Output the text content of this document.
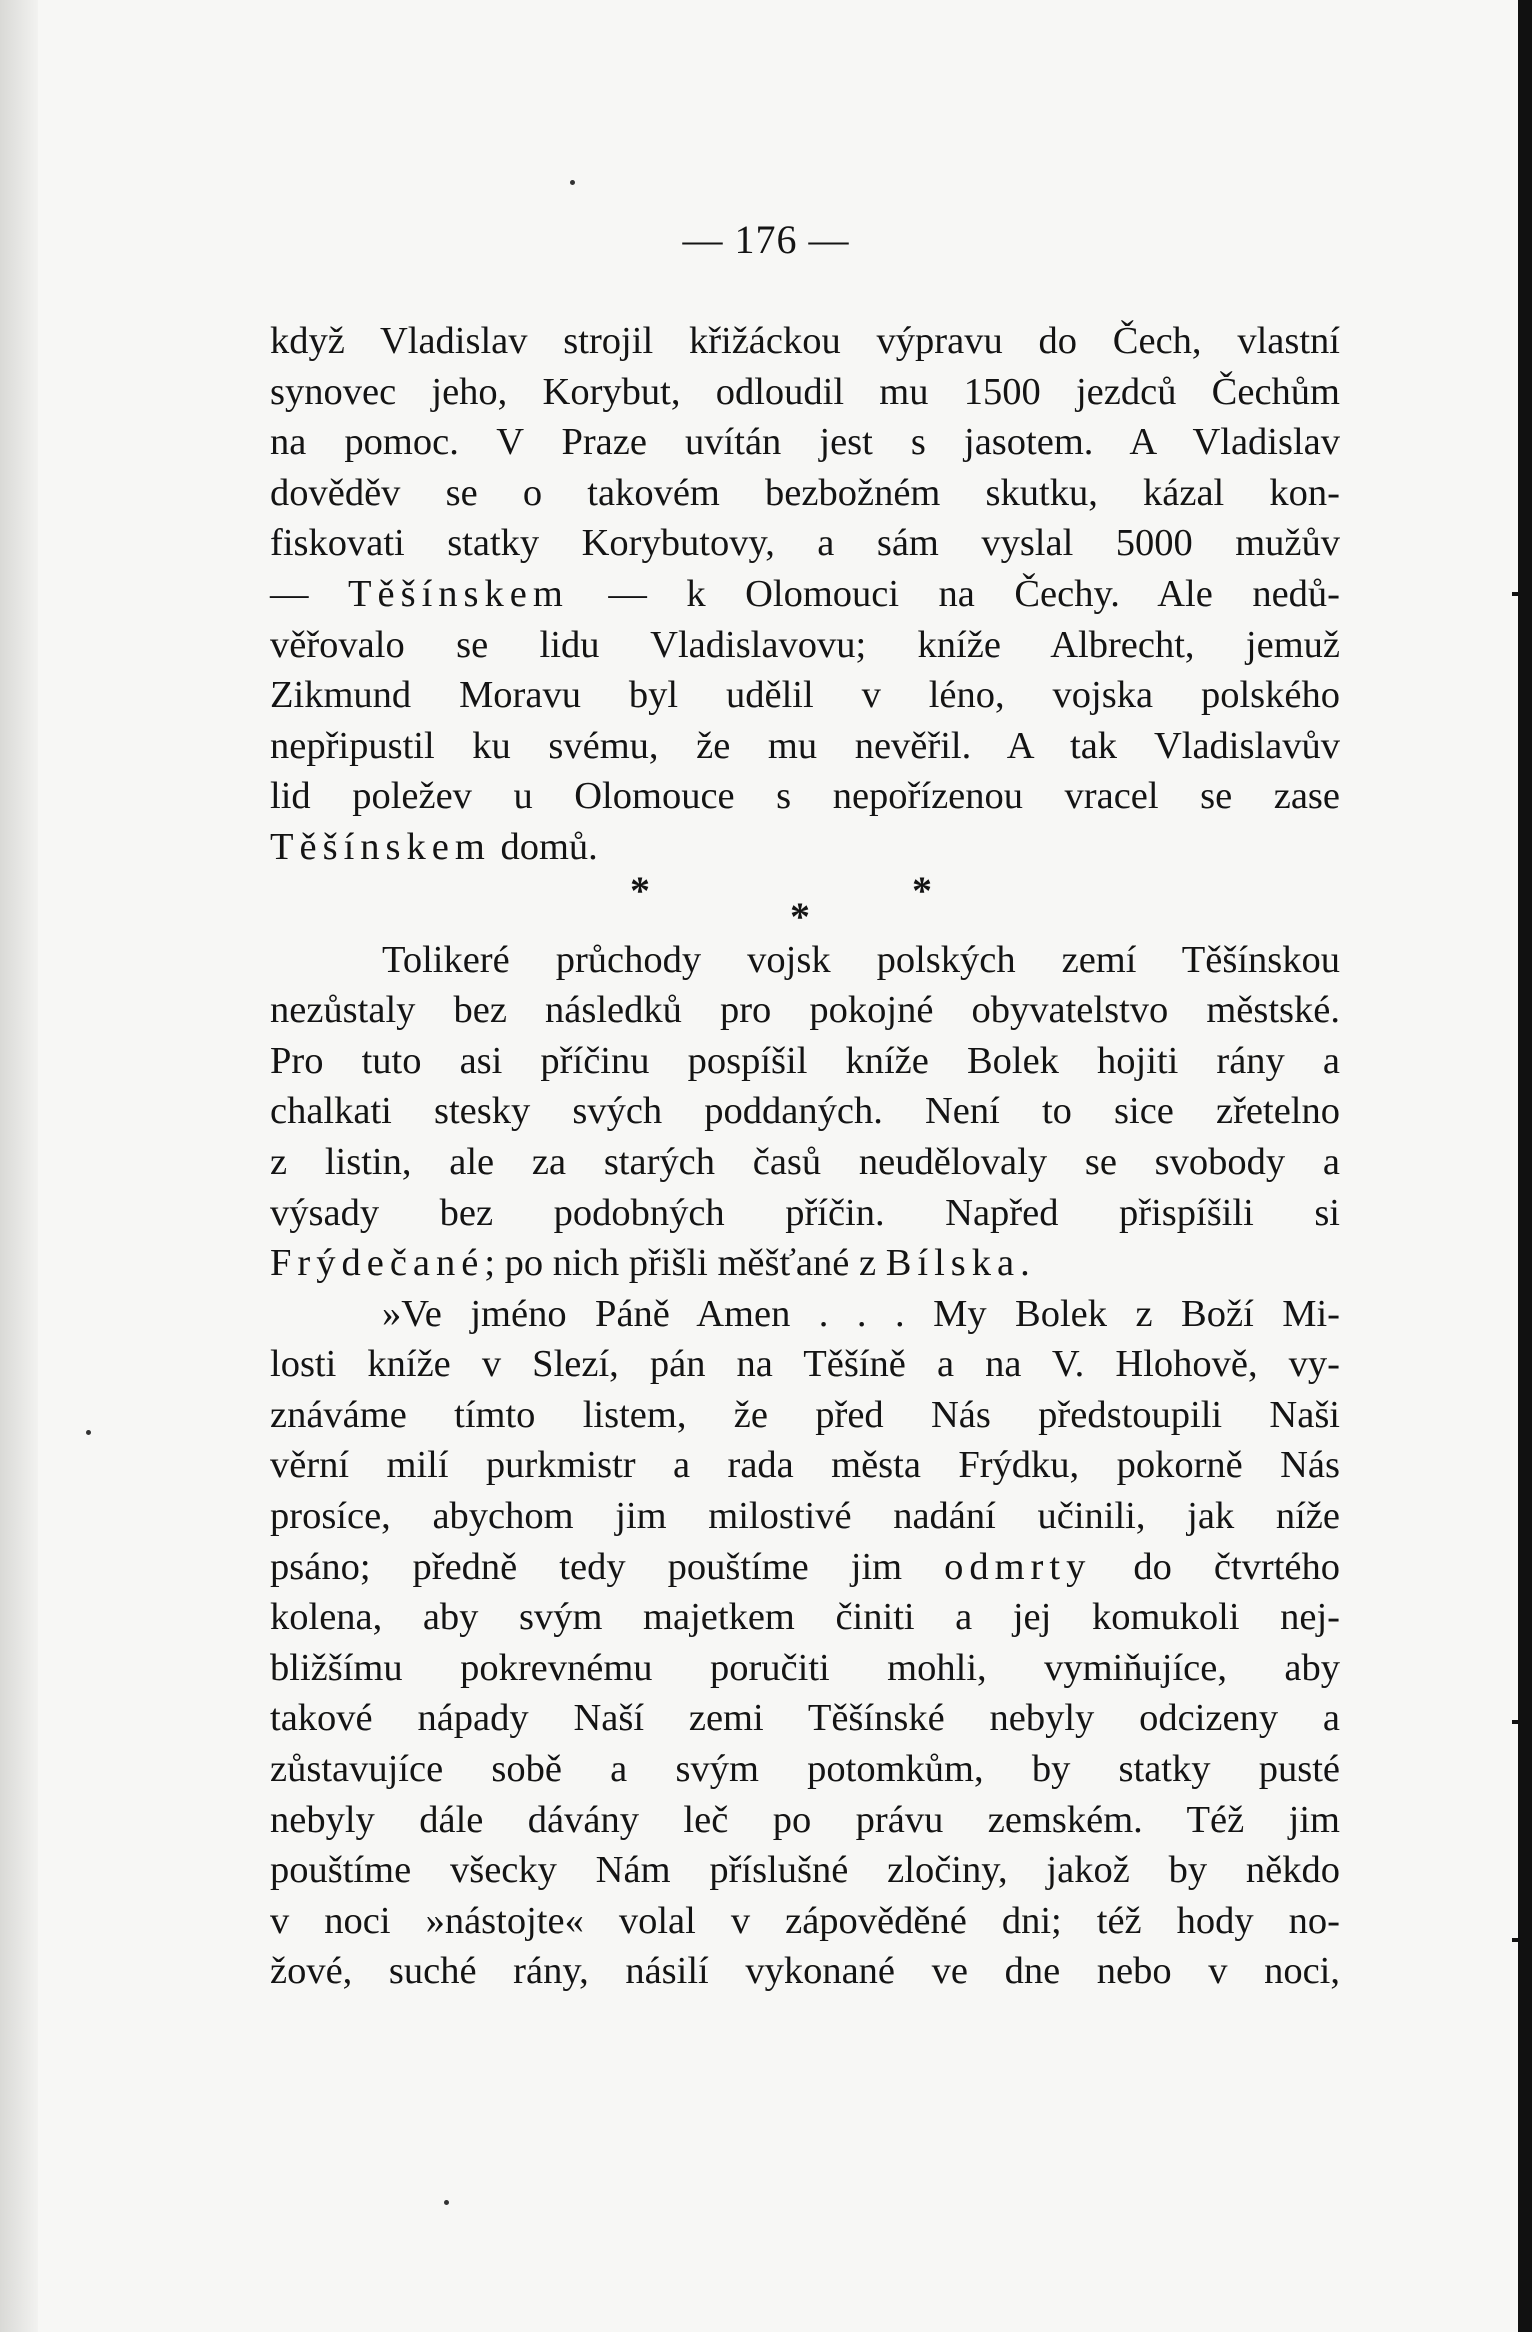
— 176 —
když Vladislav strojil křižáckou výpravu do Čech, vlastní
synovec jeho, Korybut, odloudil mu 1500 jezdců Čechům
na pomoc. V Praze uvítán jest s jasotem. A Vladislav
dověděv se o takovém bezbožném skutku, kázal kon-
fiskovati statky Korybutovy, a sám vyslal 5000 mužův
— Těšínskem — k Olomouci na Čechy. Ale nedů-
věřovalo se lidu Vladislavovu; kníže Albrecht, jemuž
Zikmund Moravu byl udělil v léno, vojska polského
nepřipustil ku svému, že mu nevěřil. A tak Vladislavův
lid poležev u Olomouce s nepořízenou vracel se zase
Těšínskem domů.
*	*
*
Tolikeré průchody vojsk polských zemí Těšínskou
nezůstaly bez následků pro pokojné obyvatelstvo městské.
Pro tuto asi příčinu pospíšil kníže Bolek hojiti rány a
chalkati stesky svých poddaných. Není to sice zřetelno
z listin, ale za starých časů neudělovaly se svobody a
výsady bez podobných příčin. Napřed přispíšili si
Frýdečané; po nich přišli měšťané z Bílska.
»Ve jméno Páně Amen . . . My Bolek z Boží Mi-
losti kníže v Slezí, pán na Těšíně a na V. Hlohově, vy-
znáváme tímto listem, že před Nás předstoupili Naši
věrní milí purkmistr a rada města Frýdku, pokorně Nás
prosíce, abychom jim milostivé nadání učinili, jak níže
psáno; předně tedy pouštíme jim odmrty do čtvrtého
kolena, aby svým majetkem činiti a jej komukoli nej-
bližšímu pokrevnému poručiti mohli, vymiňujíce, aby
takové nápady Naší zemi Těšínské nebyly odcizeny a
zůstavujíce sobě a svým potomkům, by statky pusté
nebyly dále dávány leč po právu zemském. Též jim
pouštíme všecky Nám příslušné zločiny, jakož by někdo
v noci »nástojte« volal v zápověděné dni; též hody no-
žové, suché rány, násilí vykonané ve dne nebo v noci,
